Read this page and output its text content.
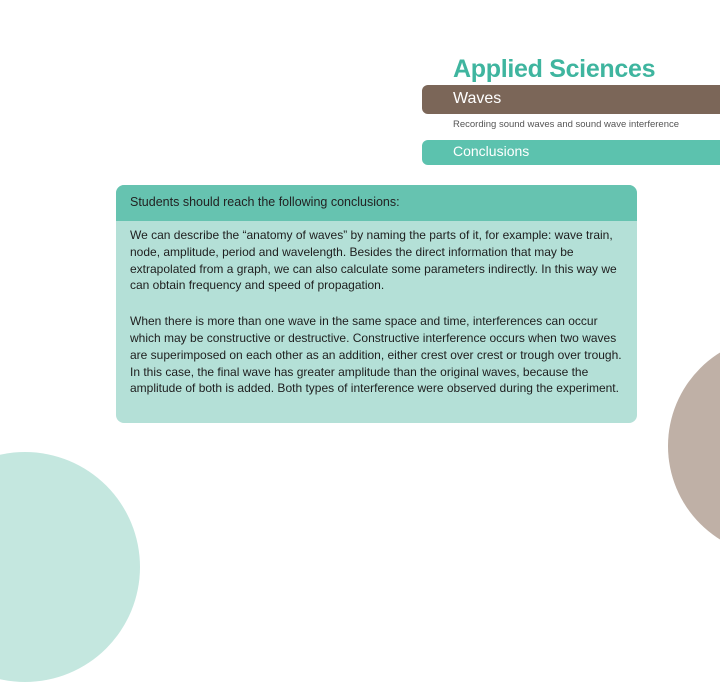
Applied Sciences
Waves
Recording sound waves and sound wave interference
Conclusions
Students should reach the following conclusions:

We can describe the “anatomy of waves” by naming the parts of it, for example: wave train, node, amplitude, period and wavelength. Besides the direct information that may be extrapolated from a graph, we can also calculate some parameters indirectly. In this way we can obtain frequency and speed of propagation.

When there is more than one wave in the same space and time, interferences can occur which may be constructive or destructive. Constructive interference occurs when two waves are superimposed on each other as an addition, either crest over crest or trough over trough. In this case, the final wave has greater amplitude than the original waves, because the amplitude of both is added. Both types of interference were observed during the experiment.
